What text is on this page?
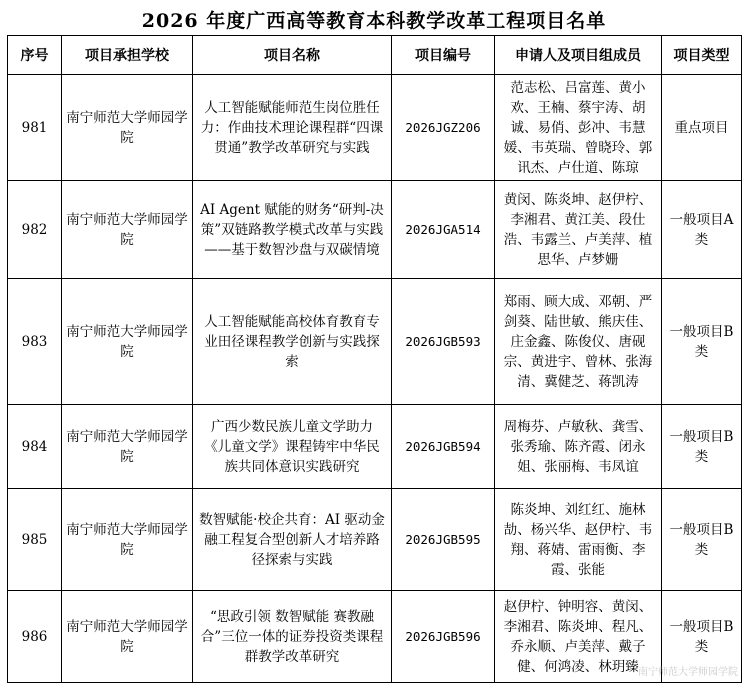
2026 年度广西高等教育本科教学改革工程项目名单
序号	项目承担学校	项目名称	项目编号	申请人及项目组成员	项目类型
981	南宁师范大学师园学院	人工智能赋能师范生岗位胜任力：作曲技术理论课程群“四课贯通”教学改革研究与实践	2026JGZ206	范志松、吕富莲、黄小欢、王楠、蔡宇涛、胡诚、易俏、彭冲、韦慧媛、韦英瑞、曾晓玲、郭讯杰、卢仕道、陈琼	重点项目
982	南宁师范大学师园学院	AI Agent 赋能的财务“研判-决策”双链路教学模式改革与实践——基于数智沙盘与双碳情境	2026JGA514	黄闵、陈炎坤、赵伊柠、李湘君、黄江美、段仕浩、韦露兰、卢美萍、植思华、卢梦姗	一般项目A 类
983	南宁师范大学师园学院	人工智能赋能高校体育教育专业田径课程教学创新与实践探索	2026JGB593	郑雨、顾大成、邓朝、严剑葵、陆世敏、熊庆佳、庄金鑫、陈俊仪、唐砚宗、黄进宇、曾林、张海清、冀健芝、蒋凯涛	一般项目B 类
984	南宁师范大学师园学院	广西少数民族儿童文学助力《儿童文学》课程铸牢中华民族共同体意识实践研究	2026JGB594	周梅芬、卢敏秋、龚雪、张秀瑜、陈齐霞、闭永姐、张丽梅、韦凤谊	一般项目B 类
985	南宁师范大学师园学院	数智赋能·校企共育：AI 驱动金融工程复合型创新人才培养路径探索与实践	2026JGB595	陈炎坤、刘红红、施林劼、杨兴华、赵伊柠、韦翔、蒋婧、雷雨衡、李霞、张能	一般项目B 类
986	南宁师范大学师园学院	“思政引领 数智赋能 赛教融合”三位一体的证券投资类课程群教学改革研究	2026JGB596	赵伊柠、钟明容、黄闵、李湘君、陈炎坤、程凡、乔永顺、卢美萍、戴子健、何鸿凌、林玥臻	一般项目B 类
南宁师范大学师园学院
